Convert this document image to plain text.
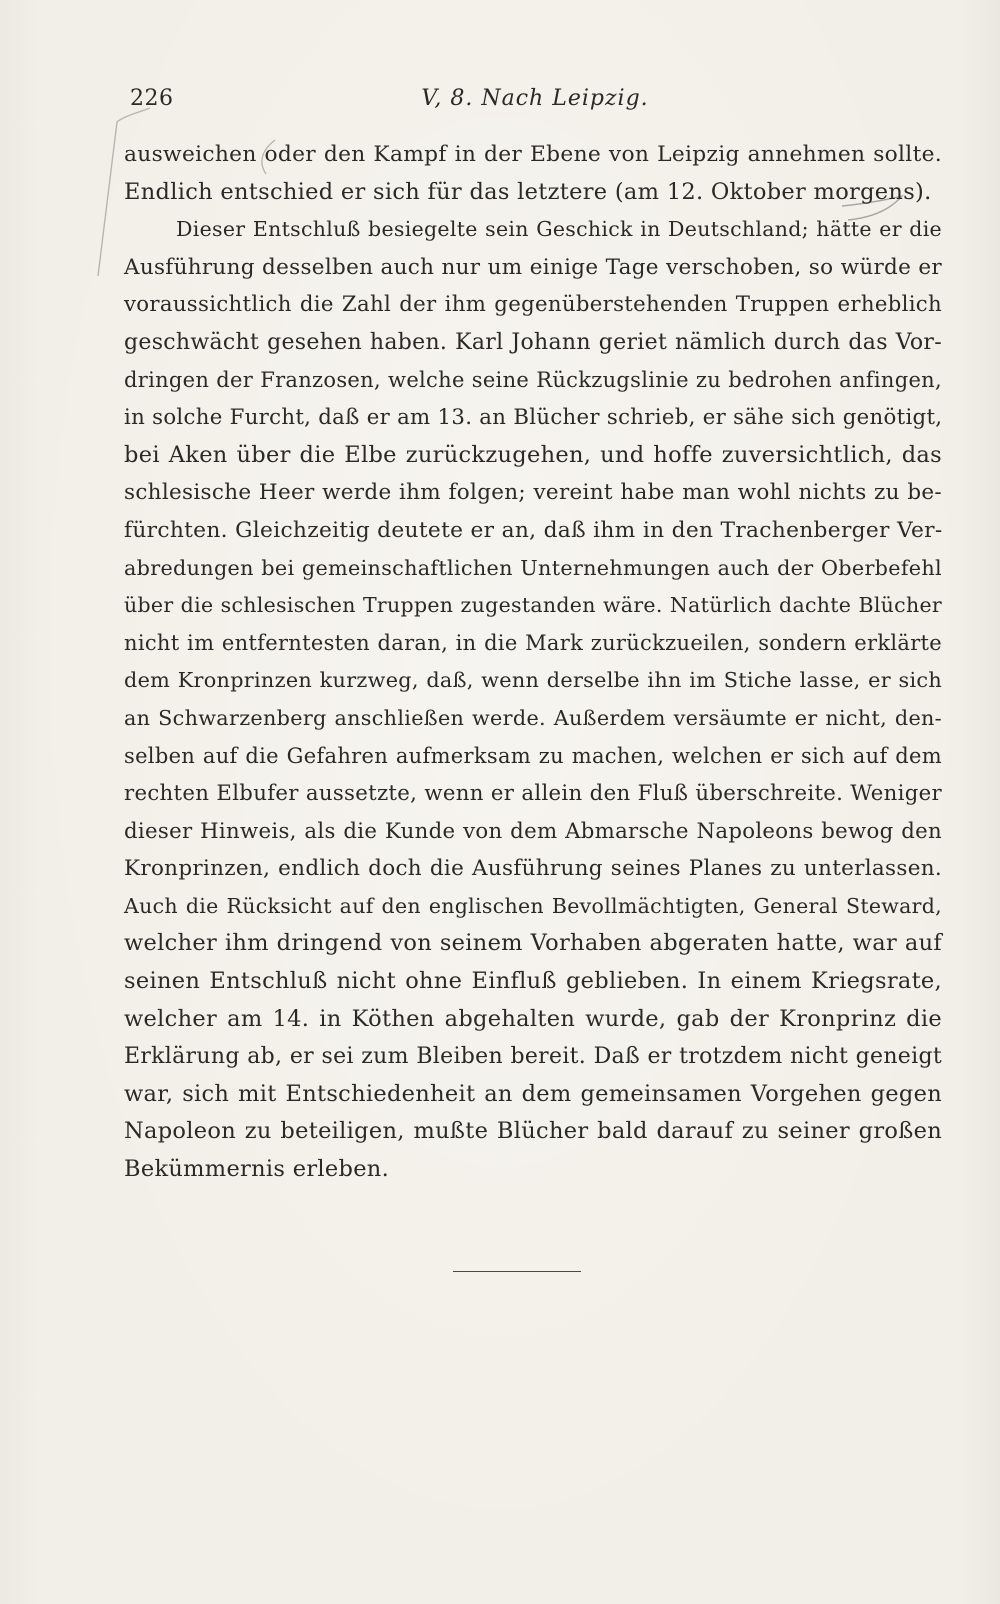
226	V, 8. Nach Leipzig.
ausweichen oder den Kampf in der Ebene von Leipzig annehmen sollte.
Endlich entschied er sich für das letztere (am 12. Oktober morgens).
Dieser Entschluß besiegelte sein Geschick in Deutschland; hätte er die
Ausführung desselben auch nur um einige Tage verschoben, so würde er
voraussichtlich die Zahl der ihm gegenüberstehenden Truppen erheblich
geschwächt gesehen haben. Karl Johann geriet nämlich durch das Vor-
dringen der Franzosen, welche seine Rückzugslinie zu bedrohen anfingen,
in solche Furcht, daß er am 13. an Blücher schrieb, er sähe sich genötigt,
bei Aken über die Elbe zurückzugehen, und hoffe zuversichtlich, das
schlesische Heer werde ihm folgen; vereint habe man wohl nichts zu be-
fürchten. Gleichzeitig deutete er an, daß ihm in den Trachenberger Ver-
abredungen bei gemeinschaftlichen Unternehmungen auch der Oberbefehl
über die schlesischen Truppen zugestanden wäre. Natürlich dachte Blücher
nicht im entferntesten daran, in die Mark zurückzueilen, sondern erklärte
dem Kronprinzen kurzweg, daß, wenn derselbe ihn im Stiche lasse, er sich
an Schwarzenberg anschließen werde. Außerdem versäumte er nicht, den-
selben auf die Gefahren aufmerksam zu machen, welchen er sich auf dem
rechten Elbufer aussetzte, wenn er allein den Fluß überschreite. Weniger
dieser Hinweis, als die Kunde von dem Abmarsche Napoleons bewog den
Kronprinzen, endlich doch die Ausführung seines Planes zu unterlassen.
Auch die Rücksicht auf den englischen Bevollmächtigten, General Steward,
welcher ihm dringend von seinem Vorhaben abgeraten hatte, war auf
seinen Entschluß nicht ohne Einfluß geblieben. In einem Kriegsrate,
welcher am 14. in Köthen abgehalten wurde, gab der Kronprinz die
Erklärung ab, er sei zum Bleiben bereit. Daß er trotzdem nicht geneigt
war, sich mit Entschiedenheit an dem gemeinsamen Vorgehen gegen
Napoleon zu beteiligen, mußte Blücher bald darauf zu seiner großen
Bekümmernis erleben.
